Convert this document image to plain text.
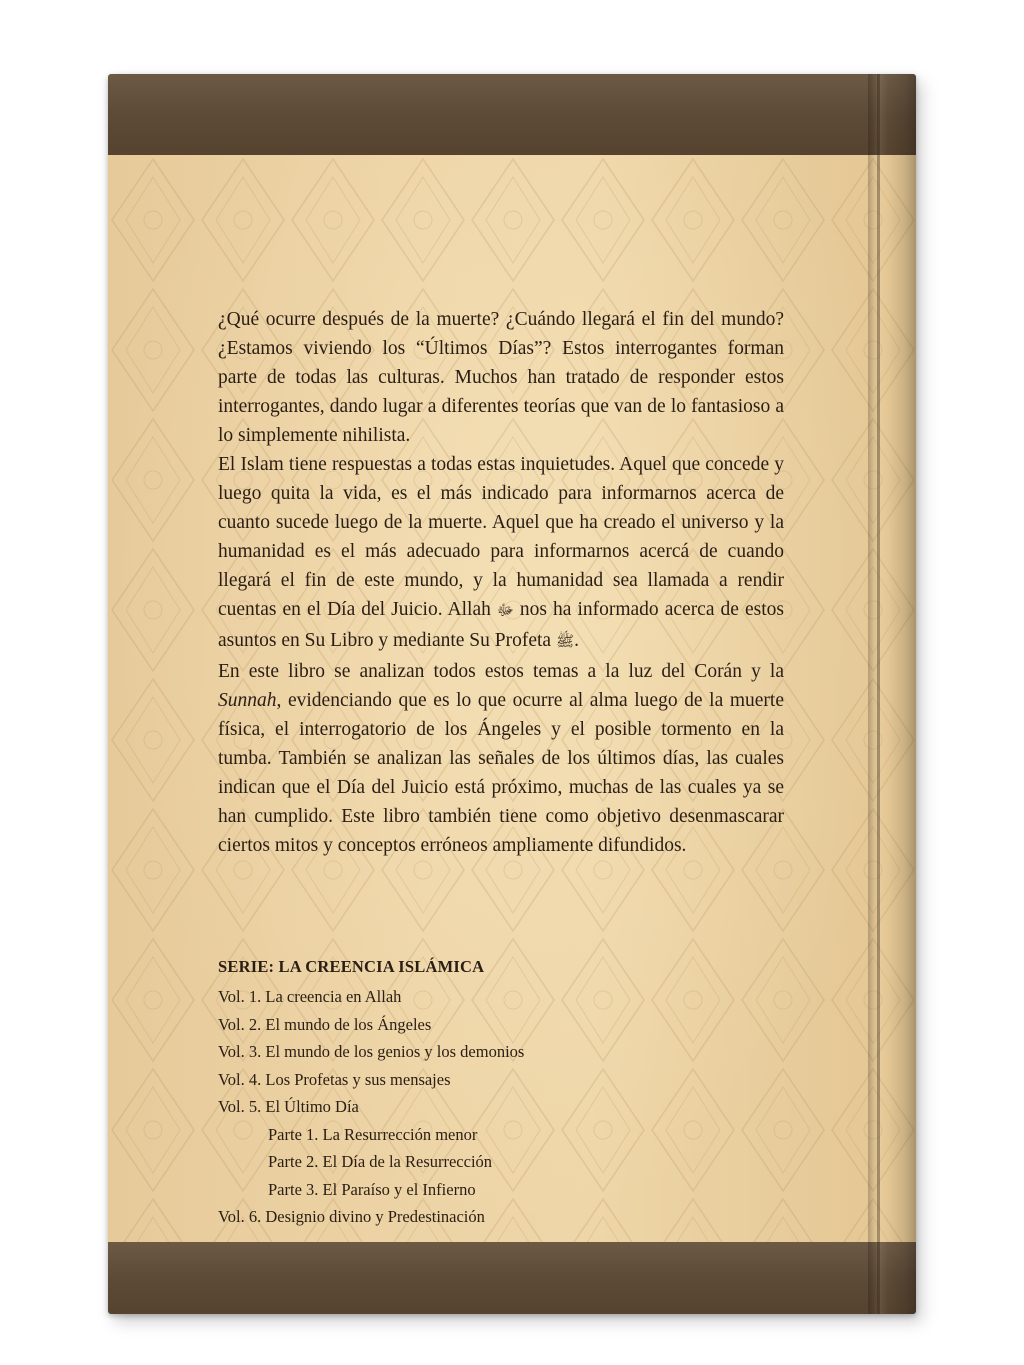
¿Qué ocurre después de la muerte? ¿Cuándo llegará el fin del mundo? ¿Estamos viviendo los “Últimos Días”? Estos interrogantes forman parte de todas las culturas. Muchos han tratado de responder estos interrogantes, dando lugar a diferentes teorías que van de lo fantasioso a lo simplemente nihilista.

El Islam tiene respuestas a todas estas inquietudes. Aquel que concede y luego quita la vida, es el más indicado para informarnos acerca de cuanto sucede luego de la muerte. Aquel que ha creado el universo y la humanidad es el más adecuado para informarnos acercá de cuando llegará el fin de este mundo, y la humanidad sea llamada a rendir cuentas en el Día del Juicio. Allah ﷻ nos ha informado acerca de estos asuntos en Su Libro y mediante Su Profeta ﷺ.

En este libro se analizan todos estos temas a la luz del Corán y la Sunnah, evidenciando que es lo que ocurre al alma luego de la muerte física, el interrogatorio de los Ángeles y el posible tormento en la tumba. También se analizan las señales de los últimos días, las cuales indican que el Día del Juicio está próximo, muchas de las cuales ya se han cumplido. Este libro también tiene como objetivo desenmascarar ciertos mitos y conceptos erróneos ampliamente difundidos.

SERIE: LA CREENCIA ISLÁMICA

Vol. 1. La creencia en Allah

Vol. 2. El mundo de los Ángeles

Vol. 3. El mundo de los genios y los demonios

Vol. 4. Los Profetas y sus mensajes

Vol. 5. El Último Día

Parte 1. La Resurrección menor

Parte 2. El Día de la Resurrección

Parte 3. El Paraíso y el Infierno

Vol. 6. Designio divino y Predestinación
